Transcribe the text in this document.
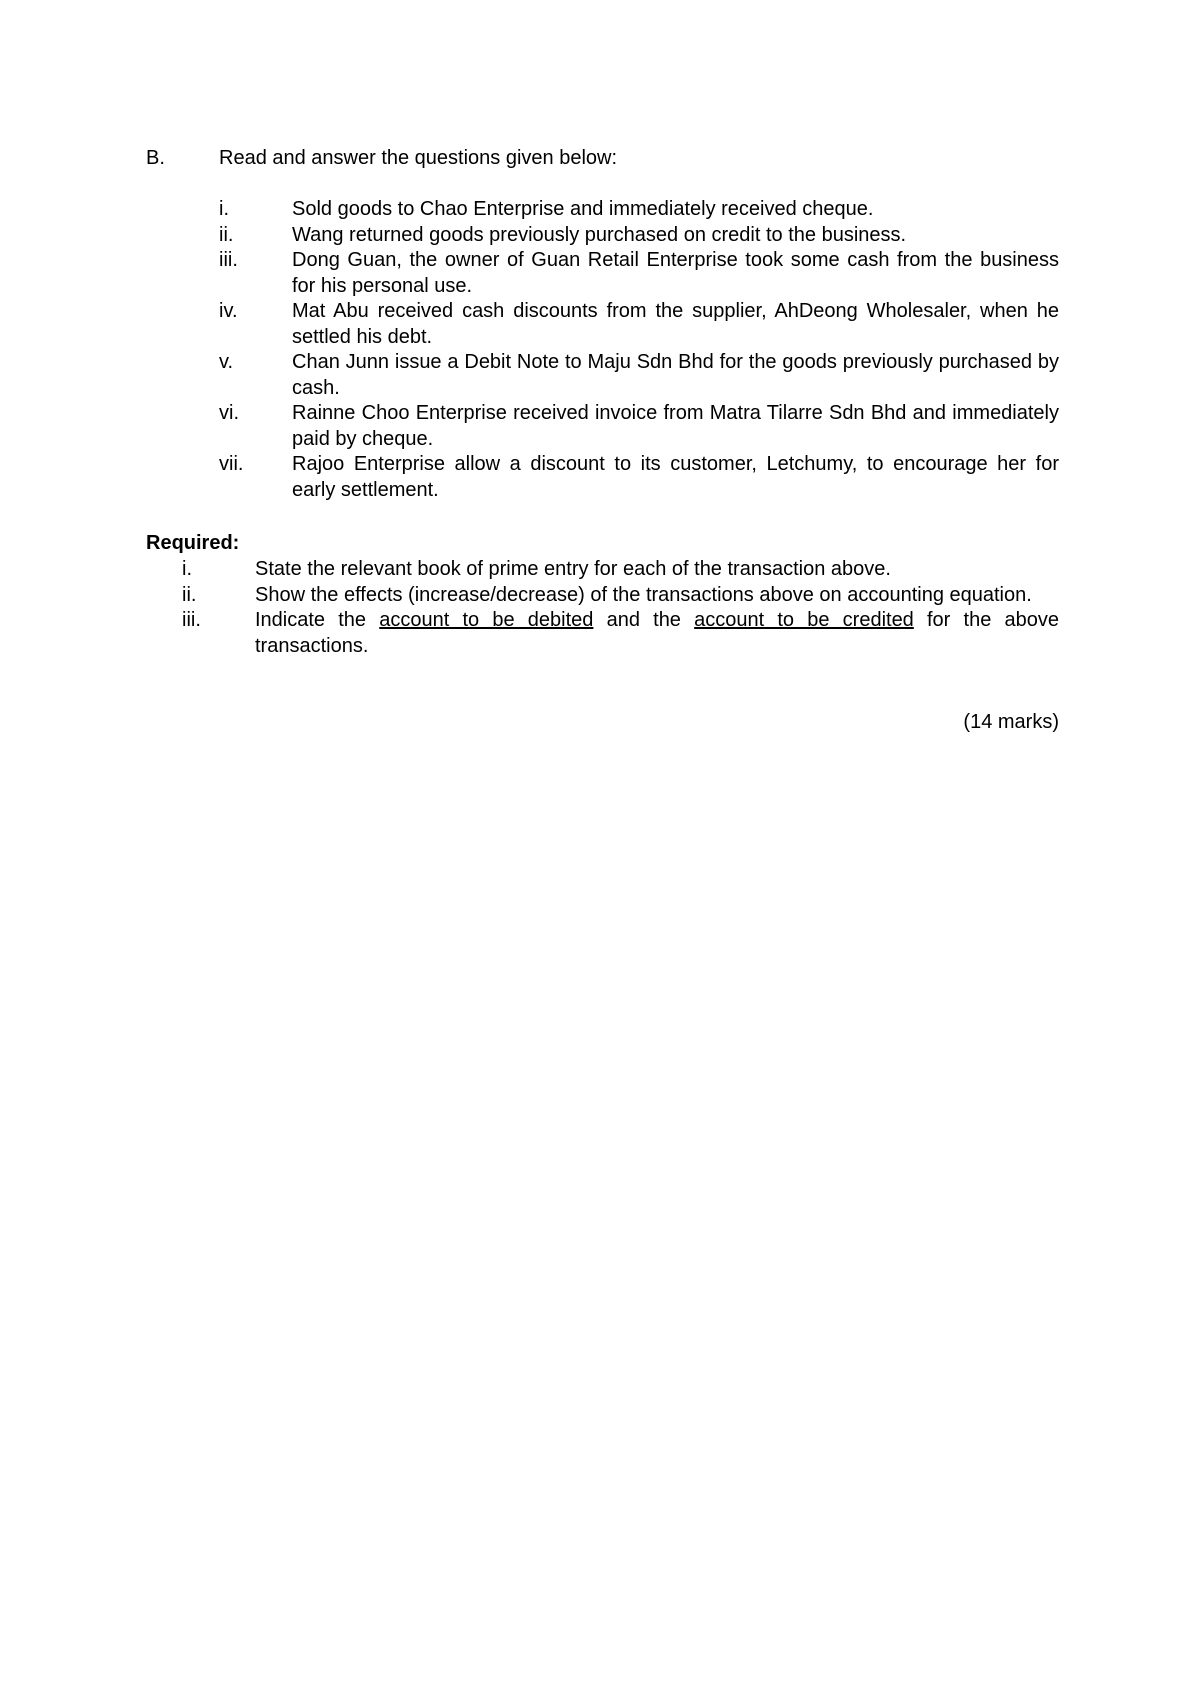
B.	Read and answer the questions given below:
i.	Sold goods to Chao Enterprise and immediately received cheque.
ii.	Wang returned goods previously purchased on credit to the business.
iii.	Dong Guan, the owner of Guan Retail Enterprise took some cash from the business for his personal use.
iv.	Mat Abu received cash discounts from the supplier, AhDeong Wholesaler, when he settled his debt.
v.	Chan Junn issue a Debit Note to Maju Sdn Bhd for the goods previously purchased by cash.
vi.	Rainne Choo Enterprise received invoice from Matra Tilarre Sdn Bhd and immediately paid by cheque.
vii.	Rajoo Enterprise allow a discount to its customer, Letchumy, to encourage her for early settlement.
Required:
i.	State the relevant book of prime entry for each of the transaction above.
ii.	Show the effects (increase/decrease) of the transactions above on accounting equation.
iii.	Indicate the account to be debited and the account to be credited for the above transactions.
(14 marks)
